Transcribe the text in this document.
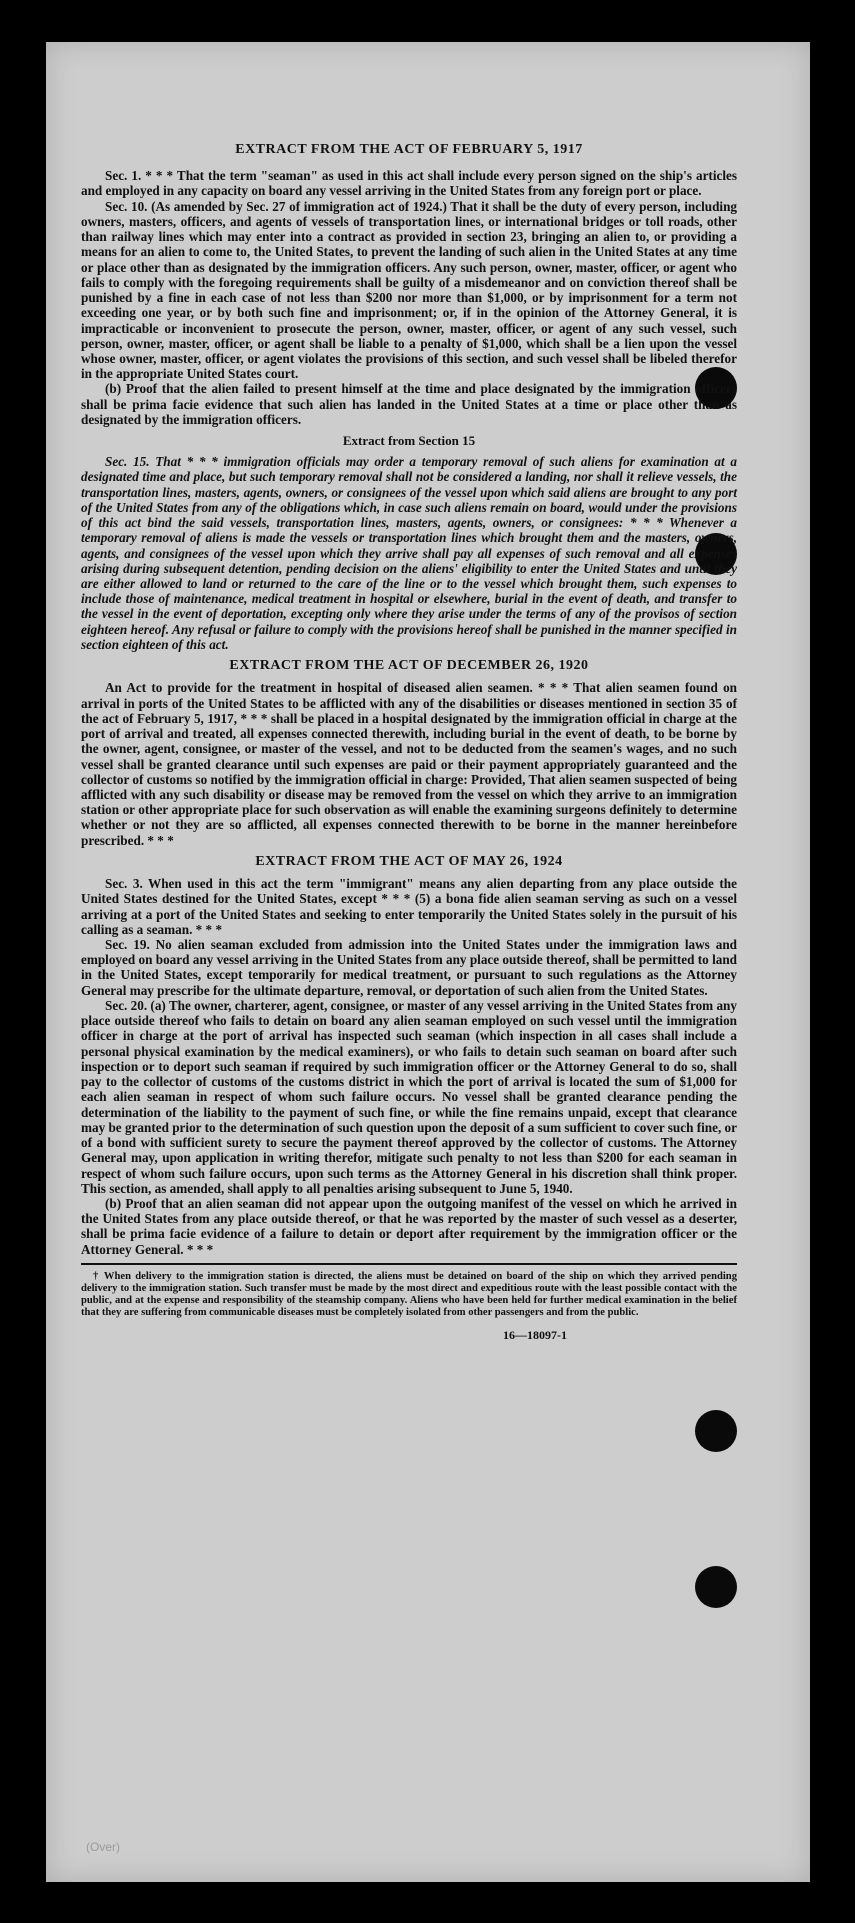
EXTRACT FROM THE ACT OF FEBRUARY 5, 1917

Sec. 1. * * * That the term "seaman" as used in this act shall include every person signed on the ship's articles and employed in any capacity on board any vessel arriving in the United States from any foreign port or place.

Sec. 10. (As amended by Sec. 27 of immigration act of 1924.) That it shall be the duty of every person, including owners, masters, officers, and agents of vessels of transportation lines, or international bridges or toll roads, other than railway lines which may enter into a contract as provided in section 23, bringing an alien to, or providing a means for an alien to come to, the United States, to prevent the landing of such alien in the United States at any time or place other than as designated by the immigration officers. Any such person, owner, master, officer, or agent who fails to comply with the foregoing requirements shall be guilty of a misdemeanor and on conviction thereof shall be punished by a fine in each case of not less than $200 nor more than $1,000, or by imprisonment for a term not exceeding one year, or by both such fine and imprisonment; or, if in the opinion of the Attorney General, it is impracticable or inconvenient to prosecute the person, owner, master, officer, or agent of any such vessel, such person, owner, master, officer, or agent shall be liable to a penalty of $1,000, which shall be a lien upon the vessel whose owner, master, officer, or agent violates the provisions of this section, and such vessel shall be libeled therefor in the appropriate United States court.

(b) Proof that the alien failed to present himself at the time and place designated by the immigration officers shall be prima facie evidence that such alien has landed in the United States at a time or place other than as designated by the immigration officers.

Extract from Section 15

Sec. 15. That * * * immigration officials may order a temporary removal of such aliens for examination at a designated time and place, but such temporary removal shall not be considered a landing, nor shall it relieve vessels, the transportation lines, masters, agents, owners, or consignees of the vessel upon which said aliens are brought to any port of the United States from any of the obligations which, in case such aliens remain on board, would under the provisions of this act bind the said vessels, transportation lines, masters, agents, owners, or consignees: * * * Whenever a temporary removal of aliens is made the vessels or transportation lines which brought them and the masters, owners, agents, and consignees of the vessel upon which they arrive shall pay all expenses of such removal and all expenses arising during subsequent detention, pending decision on the aliens' eligibility to enter the United States and until they are either allowed to land or returned to the care of the line or to the vessel which brought them, such expenses to include those of maintenance, medical treatment in hospital or elsewhere, burial in the event of death, and transfer to the vessel in the event of deportation, excepting only where they arise under the terms of any of the provisos of section eighteen hereof. Any refusal or failure to comply with the provisions hereof shall be punished in the manner specified in section eighteen of this act.

EXTRACT FROM THE ACT OF DECEMBER 26, 1920

An Act to provide for the treatment in hospital of diseased alien seamen. * * * That alien seamen found on arrival in ports of the United States to be afflicted with any of the disabilities or diseases mentioned in section 35 of the act of February 5, 1917, * * * shall be placed in a hospital designated by the immigration official in charge at the port of arrival and treated, all expenses connected therewith, including burial in the event of death, to be borne by the owner, agent, consignee, or master of the vessel, and not to be deducted from the seamen's wages, and no such vessel shall be granted clearance until such expenses are paid or their payment appropriately guaranteed and the collector of customs so notified by the immigration official in charge: Provided, That alien seamen suspected of being afflicted with any such disability or disease may be removed from the vessel on which they arrive to an immigration station or other appropriate place for such observation as will enable the examining surgeons definitely to determine whether or not they are so afflicted, all expenses connected therewith to be borne in the manner hereinbefore prescribed. * * *

EXTRACT FROM THE ACT OF MAY 26, 1924

Sec. 3. When used in this act the term "immigrant" means any alien departing from any place outside the United States destined for the United States, except * * * (5) a bona fide alien seaman serving as such on a vessel arriving at a port of the United States and seeking to enter temporarily the United States solely in the pursuit of his calling as a seaman. * * *

Sec. 19. No alien seaman excluded from admission into the United States under the immigration laws and employed on board any vessel arriving in the United States from any place outside thereof, shall be permitted to land in the United States, except temporarily for medical treatment, or pursuant to such regulations as the Attorney General may prescribe for the ultimate departure, removal, or deportation of such alien from the United States.

Sec. 20. (a) The owner, charterer, agent, consignee, or master of any vessel arriving in the United States from any place outside thereof who fails to detain on board any alien seaman employed on such vessel until the immigration officer in charge at the port of arrival has inspected such seaman (which inspection in all cases shall include a personal physical examination by the medical examiners), or who fails to detain such seaman on board after such inspection or to deport such seaman if required by such immigration officer or the Attorney General to do so, shall pay to the collector of customs of the customs district in which the port of arrival is located the sum of $1,000 for each alien seaman in respect of whom such failure occurs. No vessel shall be granted clearance pending the determination of the liability to the payment of such fine, or while the fine remains unpaid, except that clearance may be granted prior to the determination of such question upon the deposit of a sum sufficient to cover such fine, or of a bond with sufficient surety to secure the payment thereof approved by the collector of customs. The Attorney General may, upon application in writing therefor, mitigate such penalty to not less than $200 for each seaman in respect of whom such failure occurs, upon such terms as the Attorney General in his discretion shall think proper. This section, as amended, shall apply to all penalties arising subsequent to June 5, 1940.

(b) Proof that an alien seaman did not appear upon the outgoing manifest of the vessel on which he arrived in the United States from any place outside thereof, or that he was reported by the master of such vessel as a deserter, shall be prima facie evidence of a failure to detain or deport after requirement by the immigration officer or the Attorney General. * * *

† When delivery to the immigration station is directed, the aliens must be detained on board of the ship on which they arrived pending delivery to the immigration station. Such transfer must be made by the most direct and expeditious route with the least possible contact with the public, and at the expense and responsibility of the steamship company. Aliens who have been held for further medical examination in the belief that they are suffering from communicable diseases must be completely isolated from other passengers and from the public.

16—18097-1
(Over)
